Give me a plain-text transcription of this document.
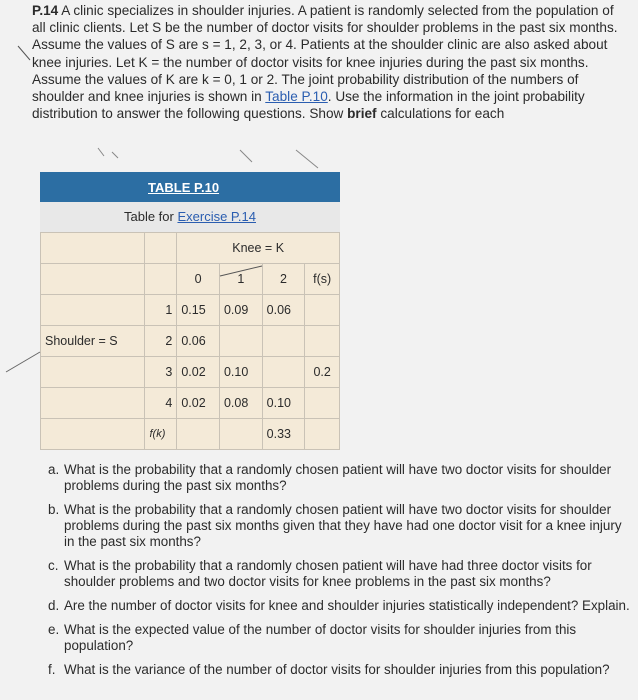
P.14 A clinic specializes in shoulder injuries. A patient is randomly selected from the population of all clinic clients. Let S be the number of doctor visits for shoulder problems in the past six months. Assume the values of S are s = 1, 2, 3, or 4. Patients at the shoulder clinic are also asked about knee injuries. Let K = the number of doctor visits for knee injuries during the past six months. Assume the values of K are k = 0, 1 or 2. The joint probability distribution of the numbers of shoulder and knee injuries is shown in Table P.10. Use the information in the joint probability distribution to answer the following questions. Show brief calculations for each
TABLE P.10
Table for Exercise P.14
		Knee = K			
		0	1	2	f(s)
	1	0.15	0.09	0.06	
Shoulder = S	2	0.06			
	3	0.02	0.10		0.2
	4	0.02	0.08	0.10	
	f(k)			0.33	
a. What is the probability that a randomly chosen patient will have two doctor visits for shoulder problems during the past six months?
b. What is the probability that a randomly chosen patient will have two doctor visits for shoulder problems during the past six months given that they have had one doctor visit for a knee injury in the past six months?
c. What is the probability that a randomly chosen patient will have had three doctor visits for shoulder problems and two doctor visits for knee problems in the past six months?
d. Are the number of doctor visits for knee and shoulder injuries statistically independent? Explain.
e. What is the expected value of the number of doctor visits for shoulder injuries from this population?
f. What is the variance of the number of doctor visits for shoulder injuries from this population?
